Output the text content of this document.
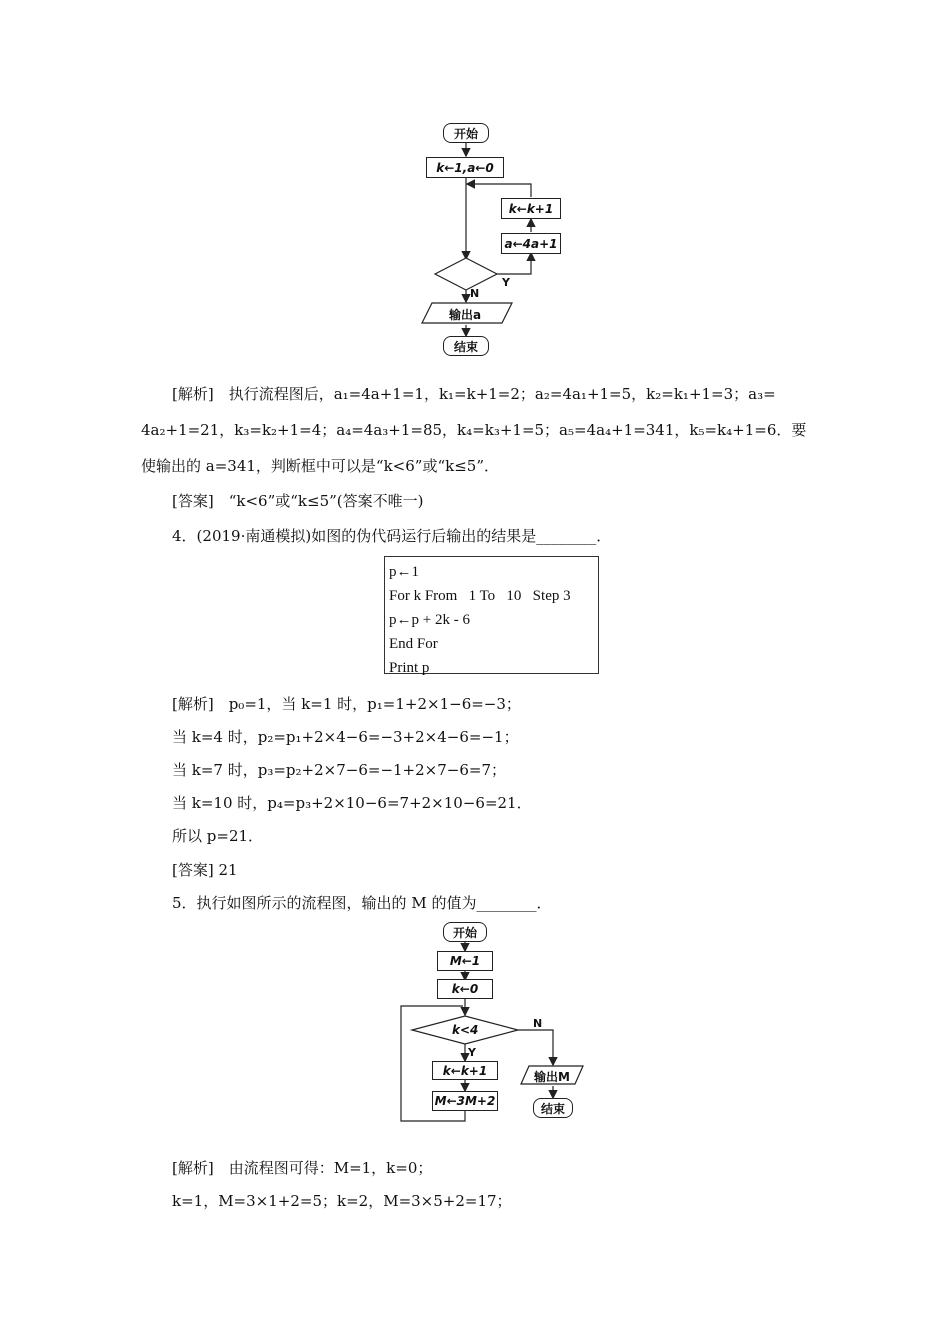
开始
k←1,a←0
k←k+1
a←4a+1
Y
N
输出a
结束
[解析]　执行流程图后，a₁=4a+1=1，k₁=k+1=2；a₂=4a₁+1=5，k₂=k₁+1=3；a₃=
4a₂+1=21，k₃=k₂+1=4；a₄=4a₃+1=85，k₄=k₃+1=5；a₅=4a₄+1=341，k₅=k₄+1=6．要
使输出的 a=341，判断框中可以是“k<6”或“k≤5”．
[答案]　“k<6”或“k≤5”(答案不唯一)
4．(2019·南通模拟)如图的伪代码运行后输出的结果是________．
p←1
For k From   1 To   10   Step 3
p←p + 2k - 6
End For
Print p
[解析]　p₀=1，当 k=1 时，p₁=1+2×1−6=−3；
当 k=4 时，p₂=p₁+2×4−6=−3+2×4−6=−1；
当 k=7 时，p₃=p₂+2×7−6=−1+2×7−6=7；
当 k=10 时，p₄=p₃+2×10−6=7+2×10−6=21．
所以 p=21．
[答案] 21
5．执行如图所示的流程图，输出的 M 的值为________．
开始
M←1
k←0
k<4
Y
N
k←k+1
M←3M+2
输出M
结束
[解析]　由流程图可得：M=1，k=0；
k=1，M=3×1+2=5；k=2，M=3×5+2=17；
